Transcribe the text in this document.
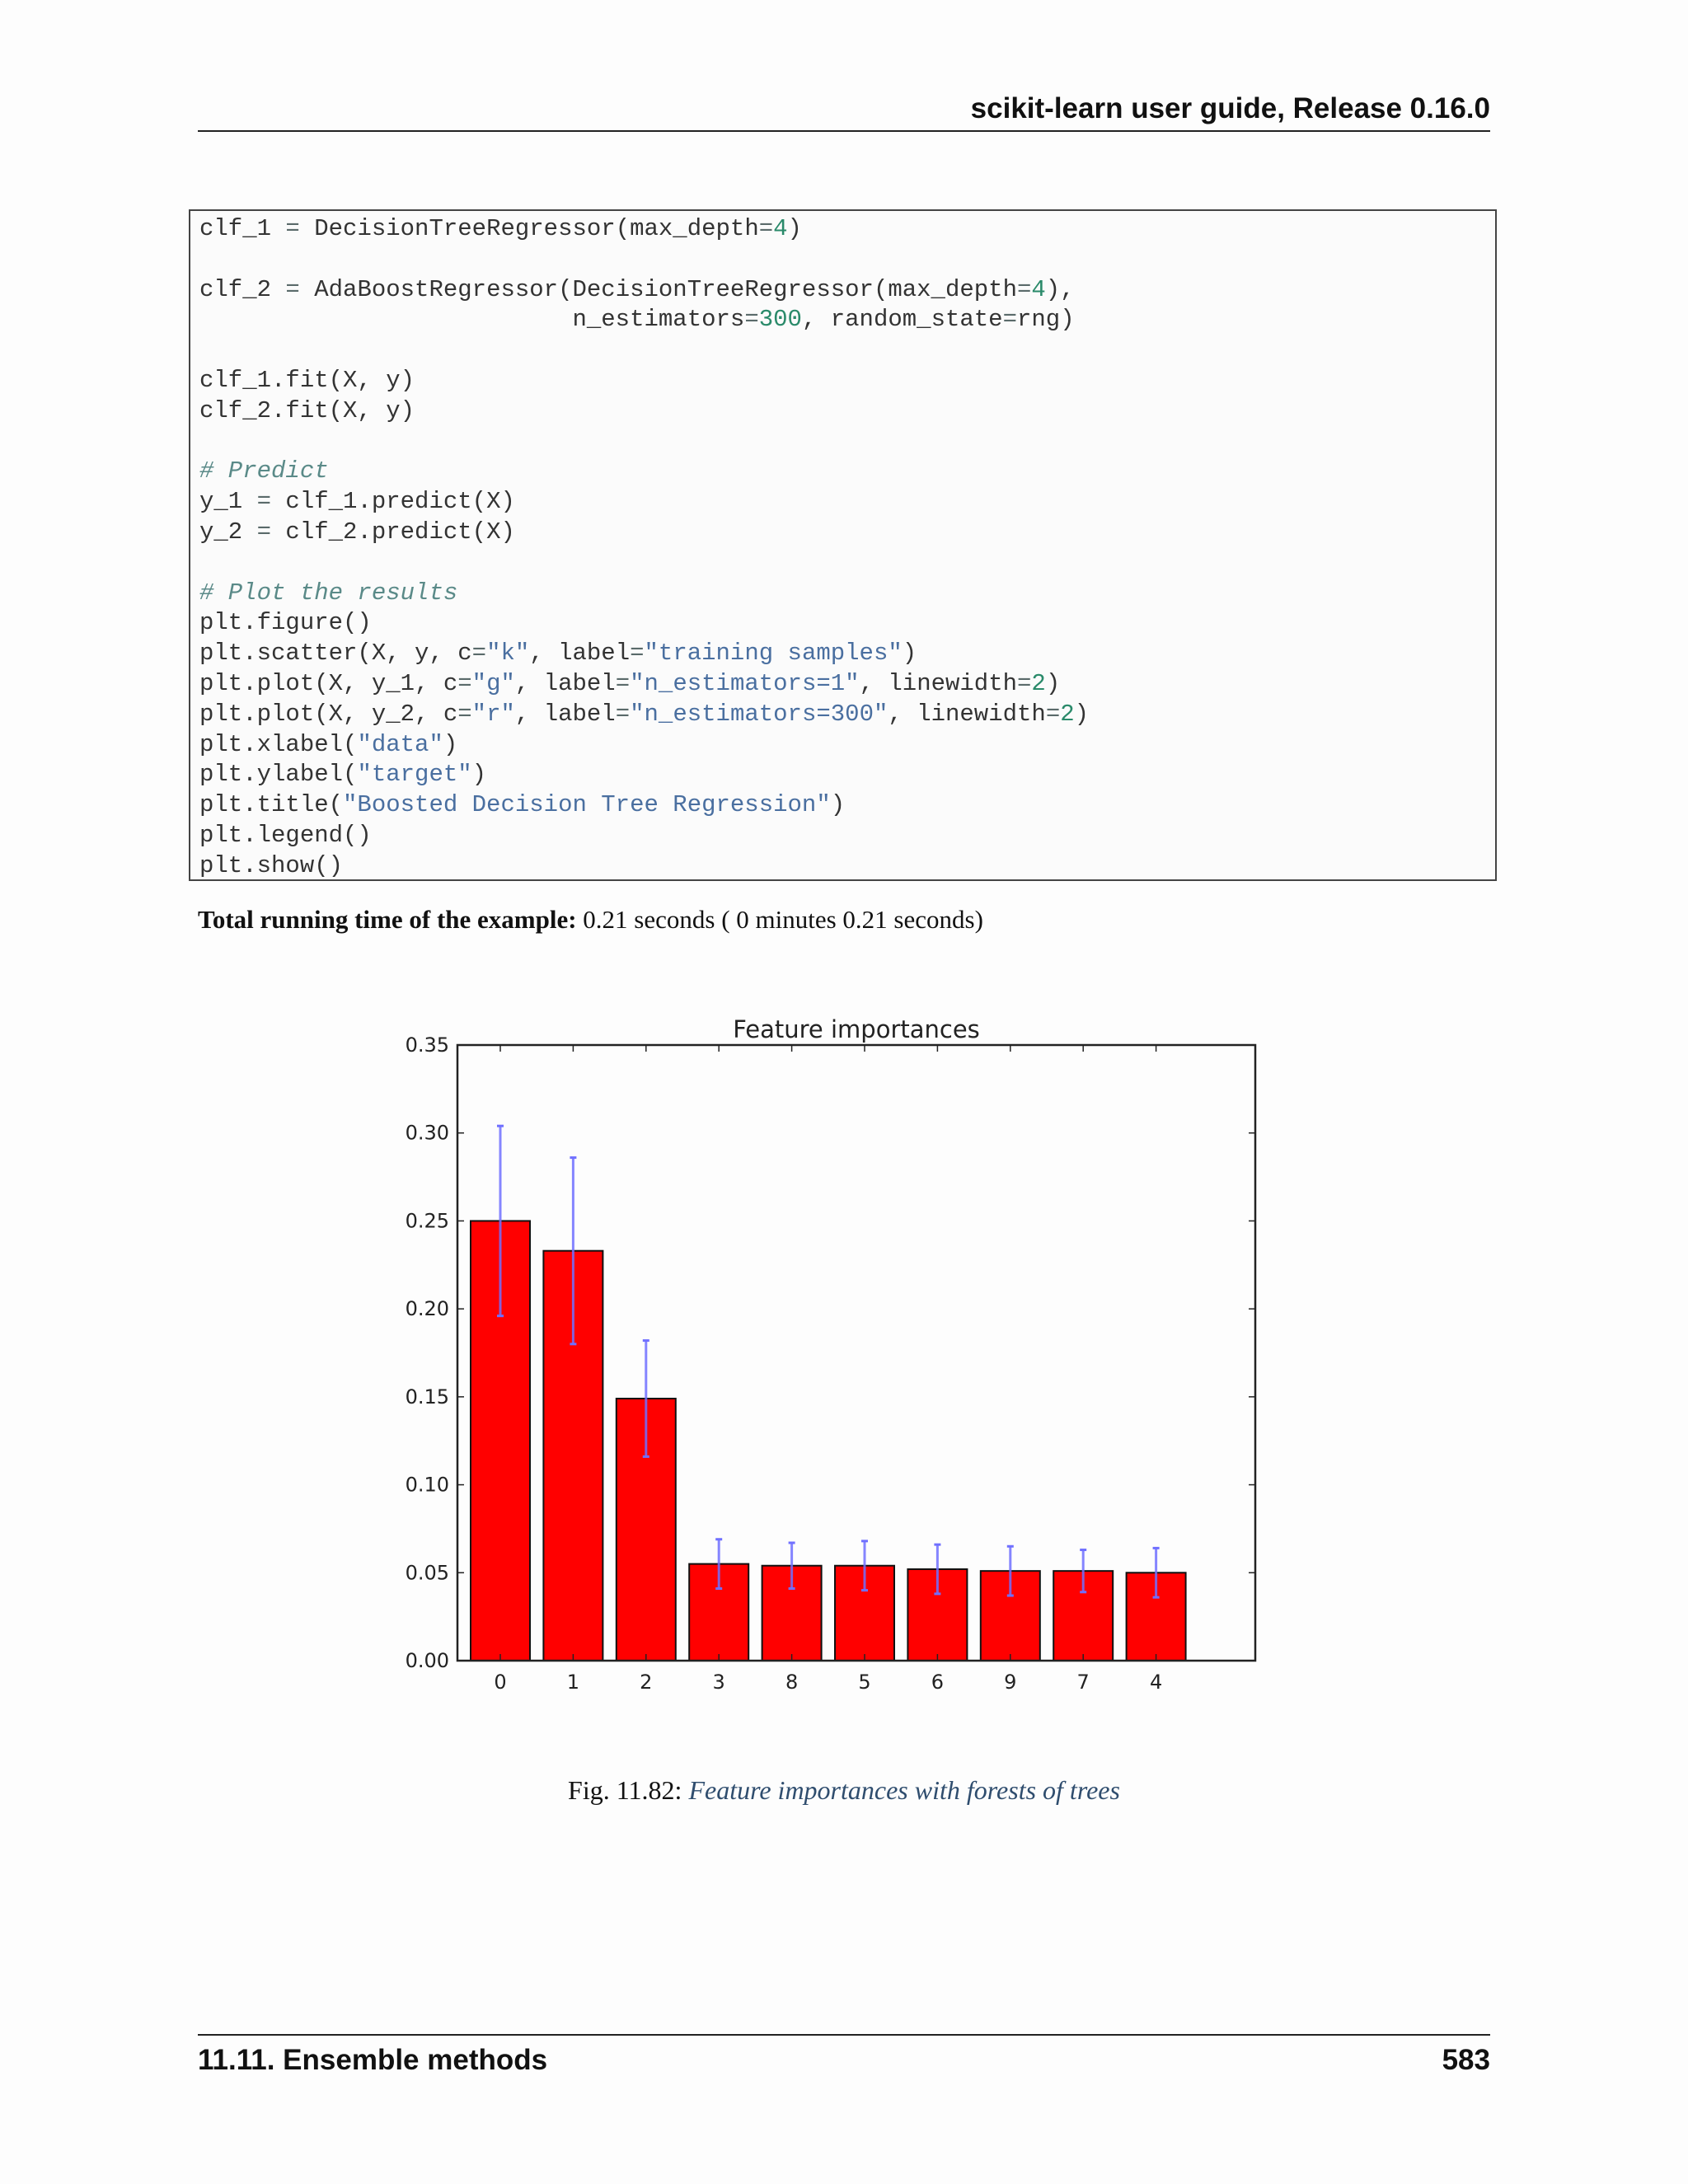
scikit-learn user guide, Release 0.16.0
clf_1 = DecisionTreeRegressor(max_depth=4)
clf_2 = AdaBoostRegressor(DecisionTreeRegressor(max_depth=4),
n_estimators=300, random_state=rng)
clf_1.fit(X, y)
clf_2.fit(X, y)
# Predict
y_1 = clf_1.predict(X)
y_2 = clf_2.predict(X)
# Plot the results
plt.figure()
plt.scatter(X, y, c="k", label="training samples")
plt.plot(X, y_1, c="g", label="n_estimators=1", linewidth=2)
plt.plot(X, y_2, c="r", label="n_estimators=300", linewidth=2)
plt.xlabel("data")
plt.ylabel("target")
plt.title("Boosted Decision Tree Regression")
plt.legend()
plt.show()
Total running time of the example: 0.21 seconds ( 0 minutes 0.21 seconds)
Feature importances
0	1	2	3	8	5	6	9	7	4
0.00
0.05
0.10
0.15
0.20
0.25
0.30
0.35
Fig. 11.82: Feature importances with forests of trees
11.11. Ensemble methods	583
